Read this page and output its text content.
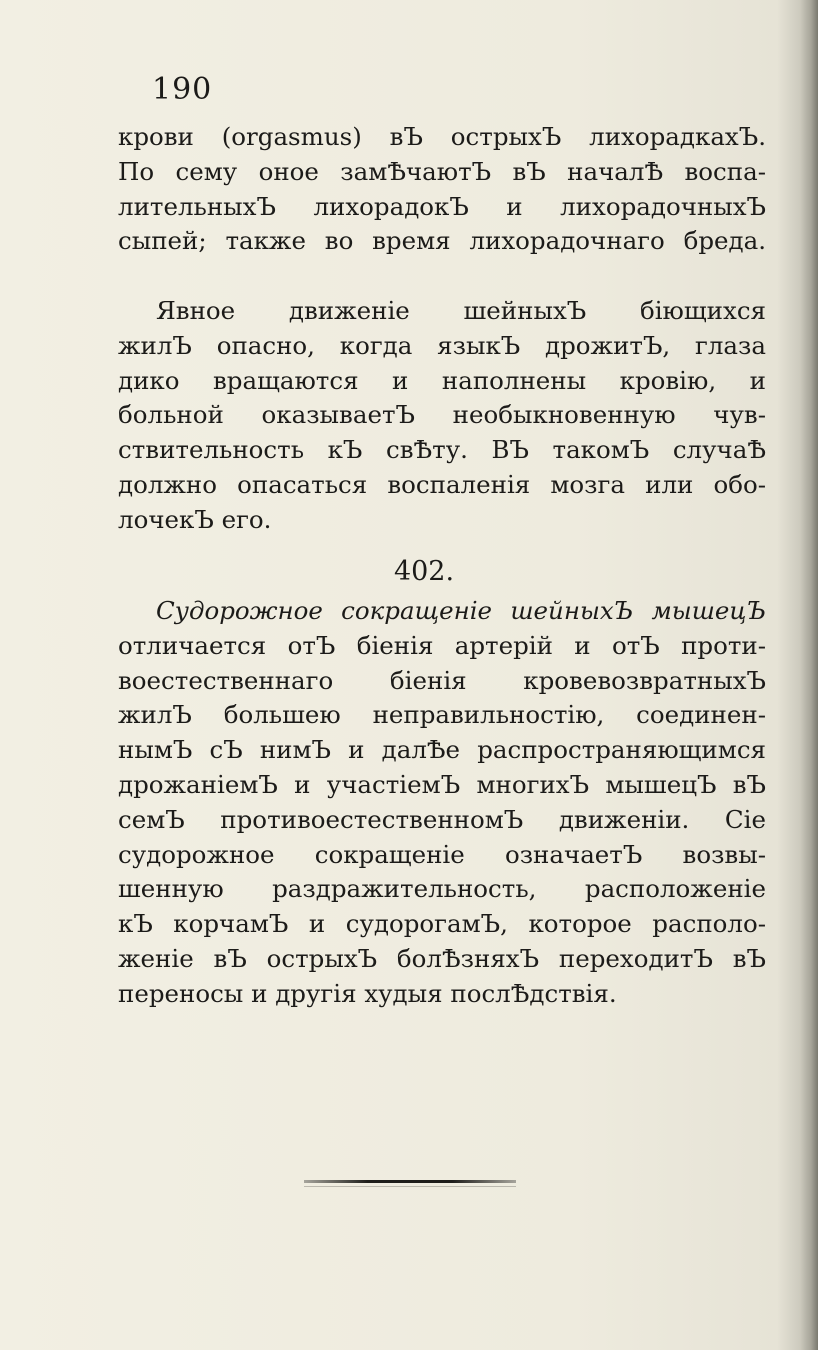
190
крови (orgasmus) вЪ острыхЪ лихорадкахЪ.
По сему оное замѢчаютЪ вЪ началѢ воспа-
лительныхЪ лихорадокЪ и лихорадочныхЪ
сыпей; также во время лихорадочнаго бреда.
Явное движенiе шейныхЪ бiющихся
жилЪ опасно, когда языкЪ дрожитЪ, глаза
дико вращаются и наполнены кровiю, и
больной оказываетЪ необыкновенную чув-
ствительность кЪ свѢту. ВЪ такомЪ случаѢ
должно опасаться воспаленiя мозга или обо-
лочекЪ его.
402.
Судорожное сокращенiе шейныхЪ мышецЪ
отличается отЪ бiенiя артерiй и отЪ проти-
воестественнаго бiенiя кровевозвратныхЪ
жилЪ большею неправильностiю, соединен-
нымЪ сЪ нимЪ и далѢе распространяющимся
дрожанiемЪ и участiемЪ многихЪ мышецЪ вЪ
семЪ противоестественномЪ движенiи. Сiе
судорожное сокращенiе означаетЪ возвы-
шенную раздражительность, расположенiе
кЪ корчамЪ и судорогамЪ, которое располо-
женiе вЪ острыхЪ болѢзняхЪ переходитЪ вЪ
переносы и другiя худыя послѢдствiя.
